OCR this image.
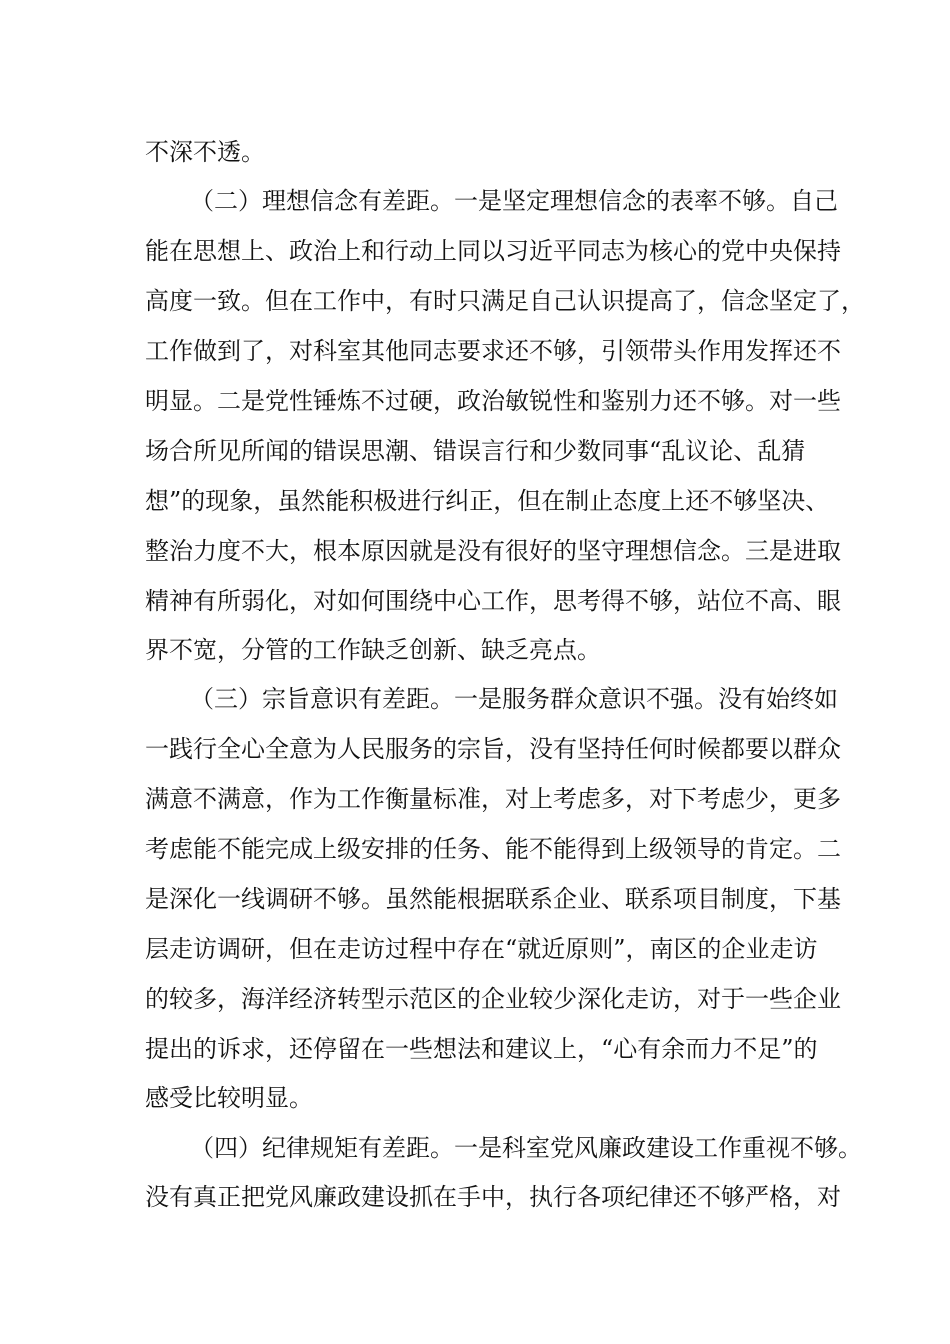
不深不透。
（二）理想信念有差距。一是坚定理想信念的表率不够。自己
能在思想上、政治上和行动上同以习近平同志为核心的党中央保持
高度一致。但在工作中，有时只满足自己认识提高了，信念坚定了，
工作做到了，对科室其他同志要求还不够，引领带头作用发挥还不
明显。二是党性锤炼不过硬，政治敏锐性和鉴别力还不够。对一些
场合所见所闻的错误思潮、错误言行和少数同事“乱议论、乱猜
想”的现象，虽然能积极进行纠正，但在制止态度上还不够坚决、
整治力度不大，根本原因就是没有很好的坚守理想信念。三是进取
精神有所弱化，对如何围绕中心工作，思考得不够，站位不高、眼
界不宽，分管的工作缺乏创新、缺乏亮点。
（三）宗旨意识有差距。一是服务群众意识不强。没有始终如
一践行全心全意为人民服务的宗旨，没有坚持任何时候都要以群众
满意不满意，作为工作衡量标准，对上考虑多，对下考虑少，更多
考虑能不能完成上级安排的任务、能不能得到上级领导的肯定。二
是深化一线调研不够。虽然能根据联系企业、联系项目制度，下基
层走访调研，但在走访过程中存在“就近原则”，南区的企业走访
的较多，海洋经济转型示范区的企业较少深化走访，对于一些企业
提出的诉求，还停留在一些想法和建议上，“心有余而力不足”的
感受比较明显。
（四）纪律规矩有差距。一是科室党风廉政建设工作重视不够。
没有真正把党风廉政建设抓在手中，执行各项纪律还不够严格，对
